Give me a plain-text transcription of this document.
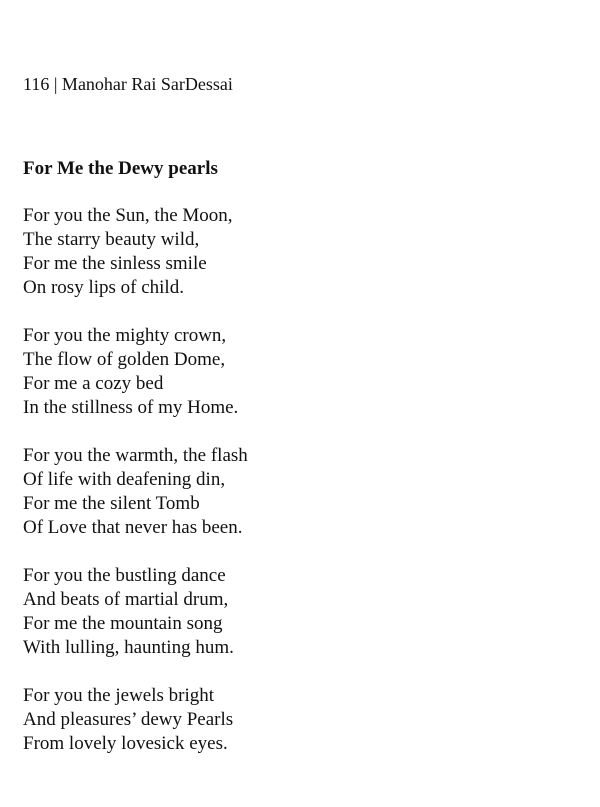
116 | Manohar Rai SarDessai
For Me the Dewy pearls
For you the Sun, the Moon,
The starry beauty wild,
For me the sinless smile
On rosy lips of child.
For you the mighty crown,
The flow of golden Dome,
For me a cozy bed
In the stillness of my Home.
For you the warmth, the flash
Of life with deafening din,
For me the silent Tomb
Of Love that never has been.
For you the bustling dance
And beats of martial drum,
For me the mountain song
With lulling, haunting hum.
For you the jewels bright
And pleasures’ dewy Pearls
From lovely lovesick eyes.
